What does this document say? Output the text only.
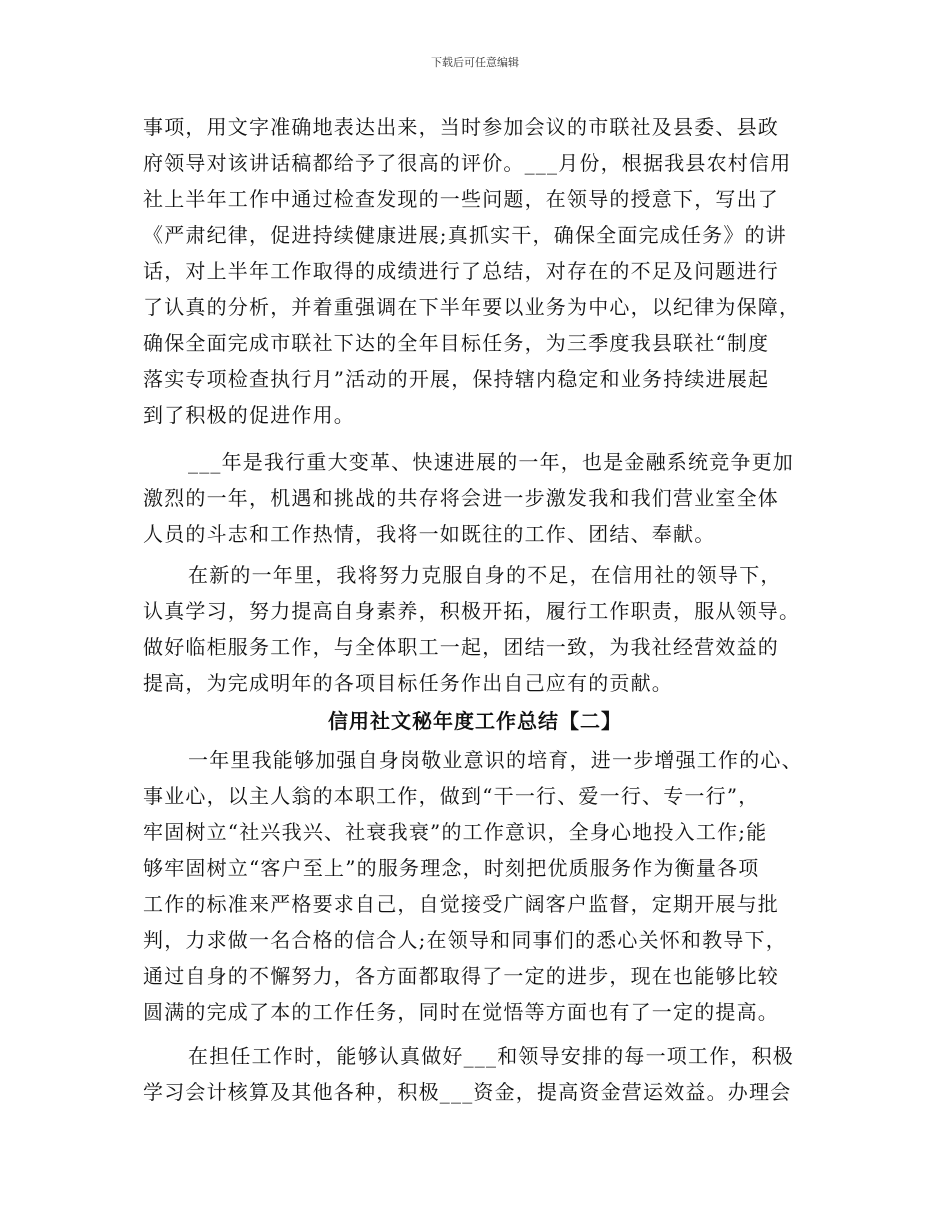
下载后可任意编辑
事项，用文字准确地表达出来，当时参加会议的市联社及县委、县政
府领导对该讲话稿都给予了很高的评价。___月份，根据我县农村信用
社上半年工作中通过检查发现的一些问题，在领导的授意下，写出了
《严肃纪律，促进持续健康进展;真抓实干，确保全面完成任务》的讲
话，对上半年工作取得的成绩进行了总结，对存在的不足及问题进行
了认真的分析，并着重强调在下半年要以业务为中心，以纪律为保障，
确保全面完成市联社下达的全年目标任务，为三季度我县联社“制度
落实专项检查执行月”活动的开展，保持辖内稳定和业务持续进展起
到了积极的促进作用。
___年是我行重大变革、快速进展的一年，也是金融系统竞争更加
激烈的一年，机遇和挑战的共存将会进一步激发我和我们营业室全体
人员的斗志和工作热情，我将一如既往的工作、团结、奉献。
在新的一年里，我将努力克服自身的不足，在信用社的领导下，
认真学习，努力提高自身素养，积极开拓，履行工作职责，服从领导。
做好临柜服务工作，与全体职工一起，团结一致，为我社经营效益的
提高，为完成明年的各项目标任务作出自己应有的贡献。
信用社文秘年度工作总结【二】
一年里我能够加强自身岗敬业意识的培育，进一步增强工作的心、
事业心，以主人翁的本职工作，做到“干一行、爱一行、专一行”，
牢固树立“社兴我兴、社衰我衰”的工作意识，全身心地投入工作;能
够牢固树立“客户至上”的服务理念，时刻把优质服务作为衡量各项
工作的标准来严格要求自己，自觉接受广阔客户监督，定期开展与批
判，力求做一名合格的信合人;在领导和同事们的悉心关怀和教导下，
通过自身的不懈努力，各方面都取得了一定的进步，现在也能够比较
圆满的完成了本的工作任务，同时在觉悟等方面也有了一定的提高。
在担任工作时，能够认真做好___和领导安排的每一项工作，积极
学习会计核算及其他各种，积极___资金，提高资金营运效益。办理会
